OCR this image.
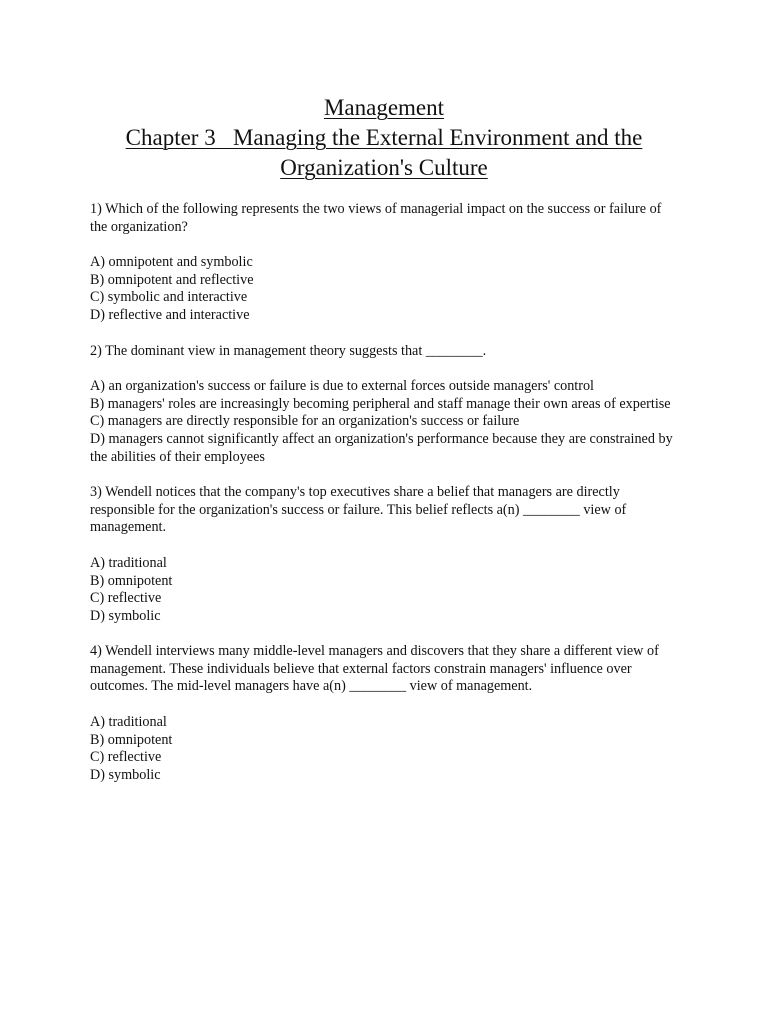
Management
Chapter 3   Managing the External Environment and the
Organization's Culture
1) Which of the following represents the two views of managerial impact on the success or failure of the organization?
A) omnipotent and symbolic
B) omnipotent and reflective
C) symbolic and interactive
D) reflective and interactive
2) The dominant view in management theory suggests that ________.
A) an organization's success or failure is due to external forces outside managers' control
B) managers' roles are increasingly becoming peripheral and staff manage their own areas of expertise
C) managers are directly responsible for an organization's success or failure
D) managers cannot significantly affect an organization's performance because they are constrained by the abilities of their employees
3) Wendell notices that the company's top executives share a belief that managers are directly responsible for the organization's success or failure. This belief reflects a(n) ________ view of management.
A) traditional
B) omnipotent
C) reflective
D) symbolic
4) Wendell interviews many middle-level managers and discovers that they share a different view of management. These individuals believe that external factors constrain managers' influence over outcomes. The mid-level managers have a(n) ________ view of management.
A) traditional
B) omnipotent
C) reflective
D) symbolic
